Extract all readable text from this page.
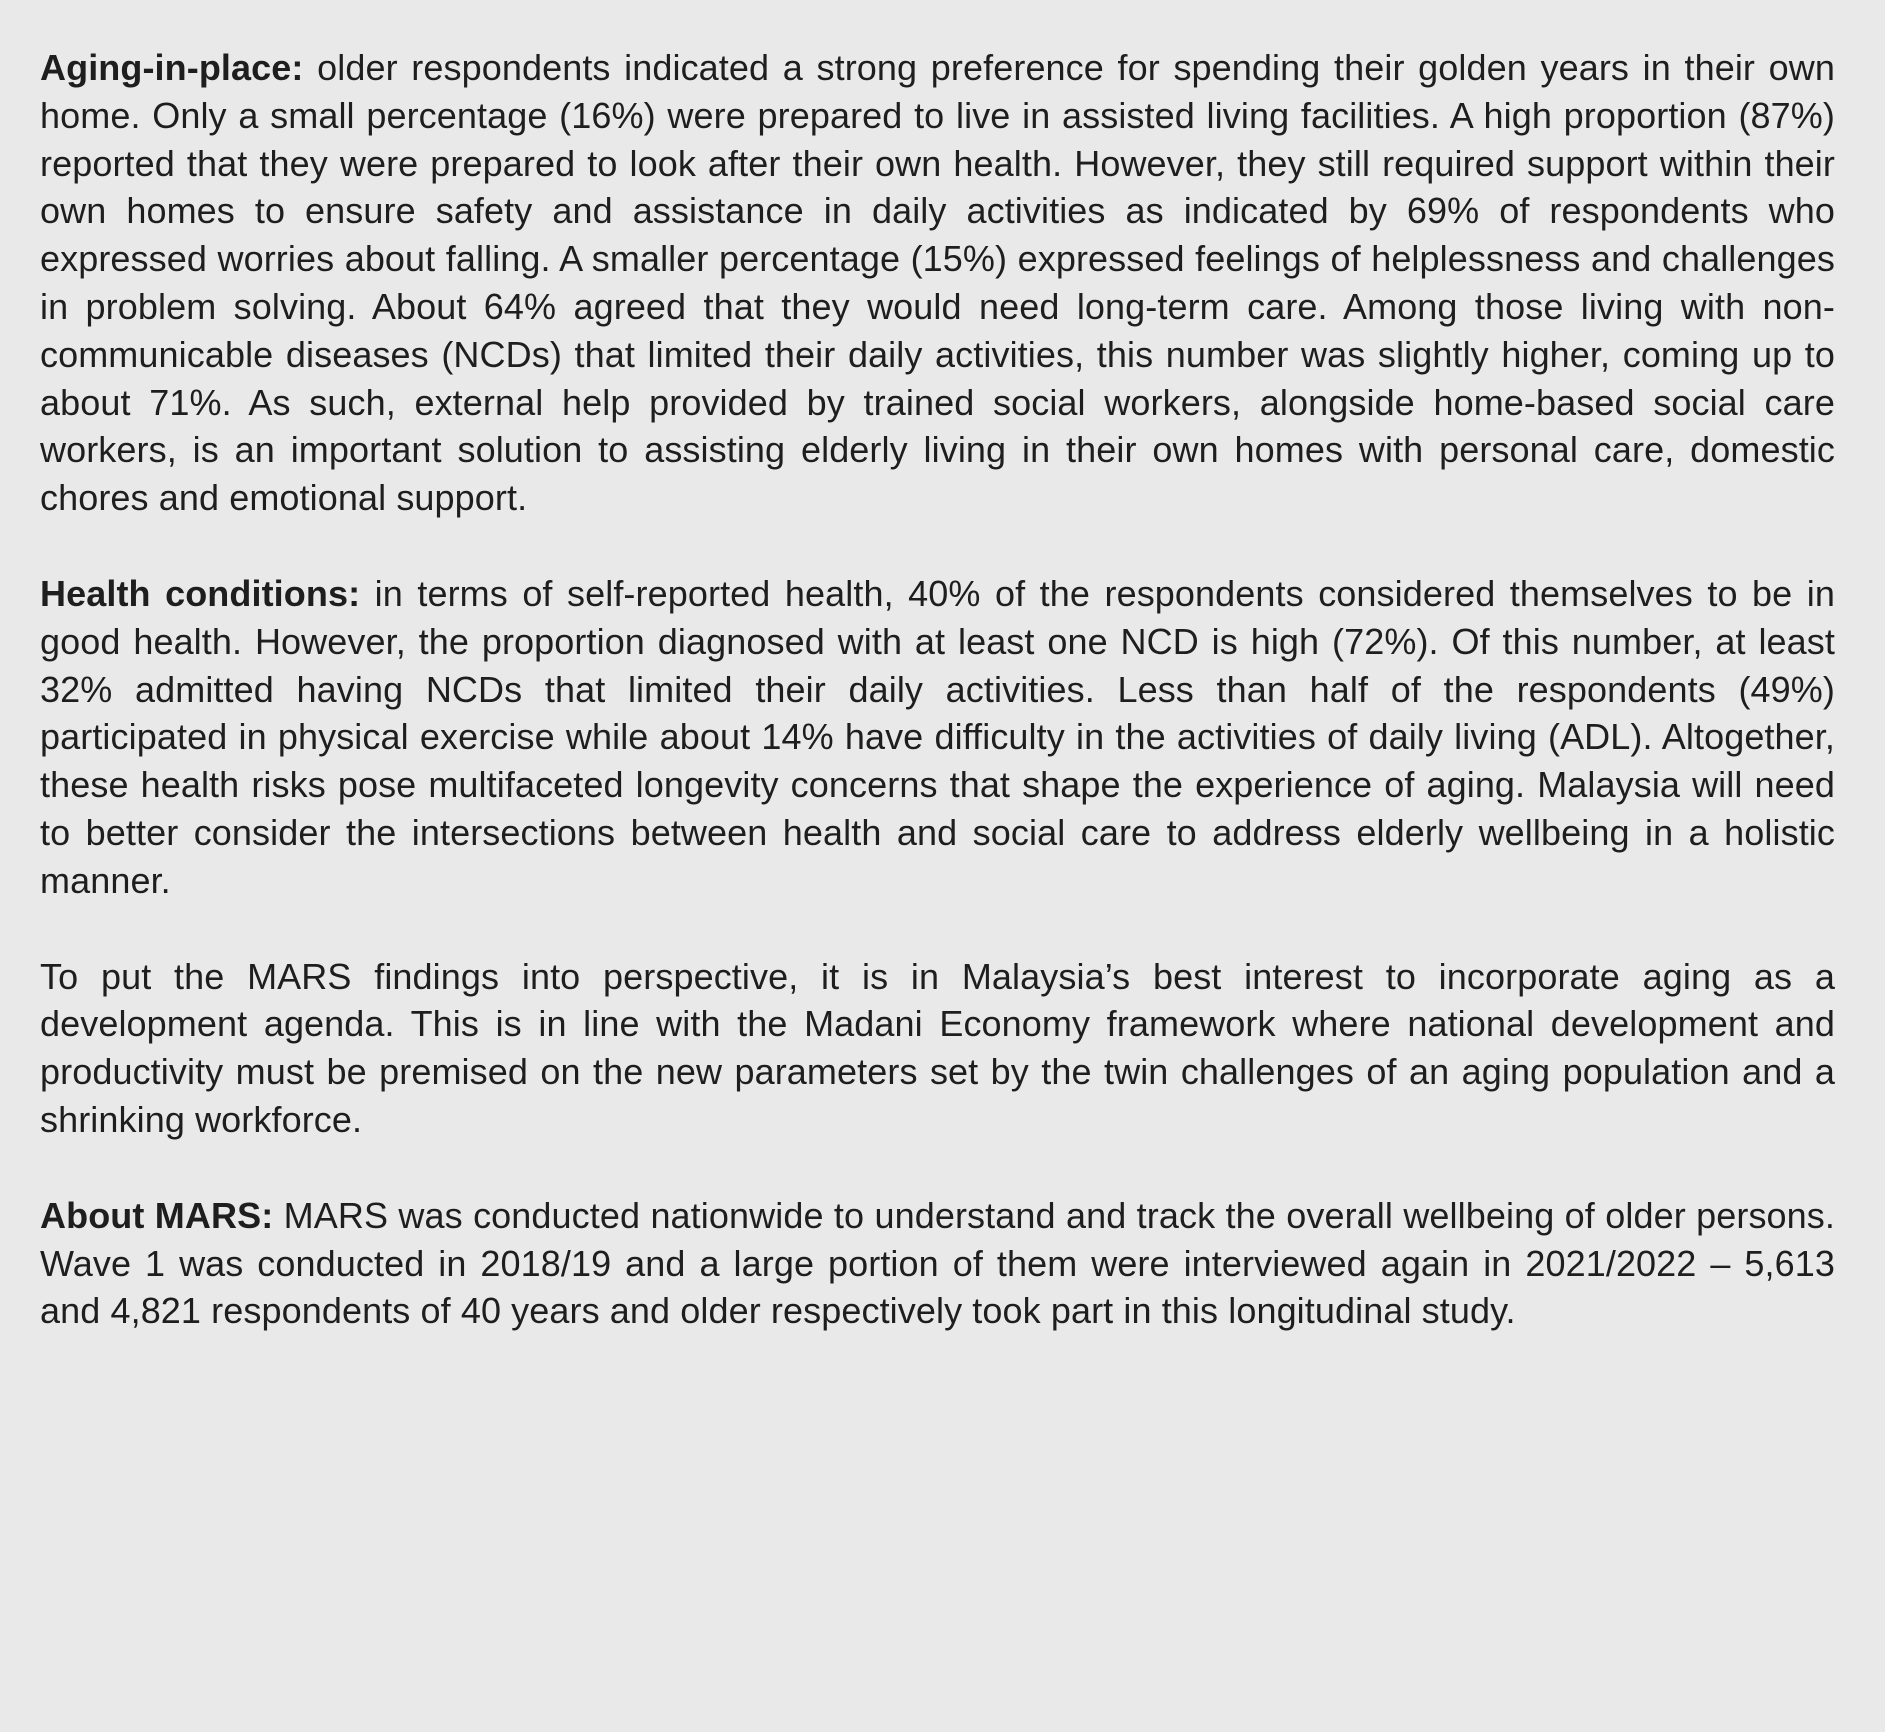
Aging-in-place: older respondents indicated a strong preference for spending their golden years in their own home. Only a small percentage (16%) were prepared to live in assisted living facilities. A high proportion (87%) reported that they were prepared to look after their own health. However, they still required support within their own homes to ensure safety and assistance in daily activities as indicated by 69% of respondents who expressed worries about falling. A smaller percentage (15%) expressed feelings of helplessness and challenges in problem solving. About 64% agreed that they would need long-term care. Among those living with non-communicable diseases (NCDs) that limited their daily activities, this number was slightly higher, coming up to about 71%. As such, external help provided by trained social workers, alongside home-based social care workers, is an important solution to assisting elderly living in their own homes with personal care, domestic chores and emotional support.

Health conditions: in terms of self-reported health, 40% of the respondents considered themselves to be in good health. However, the proportion diagnosed with at least one NCD is high (72%). Of this number, at least 32% admitted having NCDs that limited their daily activities. Less than half of the respondents (49%) participated in physical exercise while about 14% have difficulty in the activities of daily living (ADL). Altogether, these health risks pose multifaceted longevity concerns that shape the experience of aging. Malaysia will need to better consider the intersections between health and social care to address elderly wellbeing in a holistic manner.

To put the MARS findings into perspective, it is in Malaysia’s best interest to incorporate aging as a development agenda. This is in line with the Madani Economy framework where national development and productivity must be premised on the new parameters set by the twin challenges of an aging population and a shrinking workforce.

About MARS: MARS was conducted nationwide to understand and track the overall wellbeing of older persons. Wave 1 was conducted in 2018/19 and a large portion of them were interviewed again in 2021/2022 – 5,613 and 4,821 respondents of 40 years and older respectively took part in this longitudinal study.
